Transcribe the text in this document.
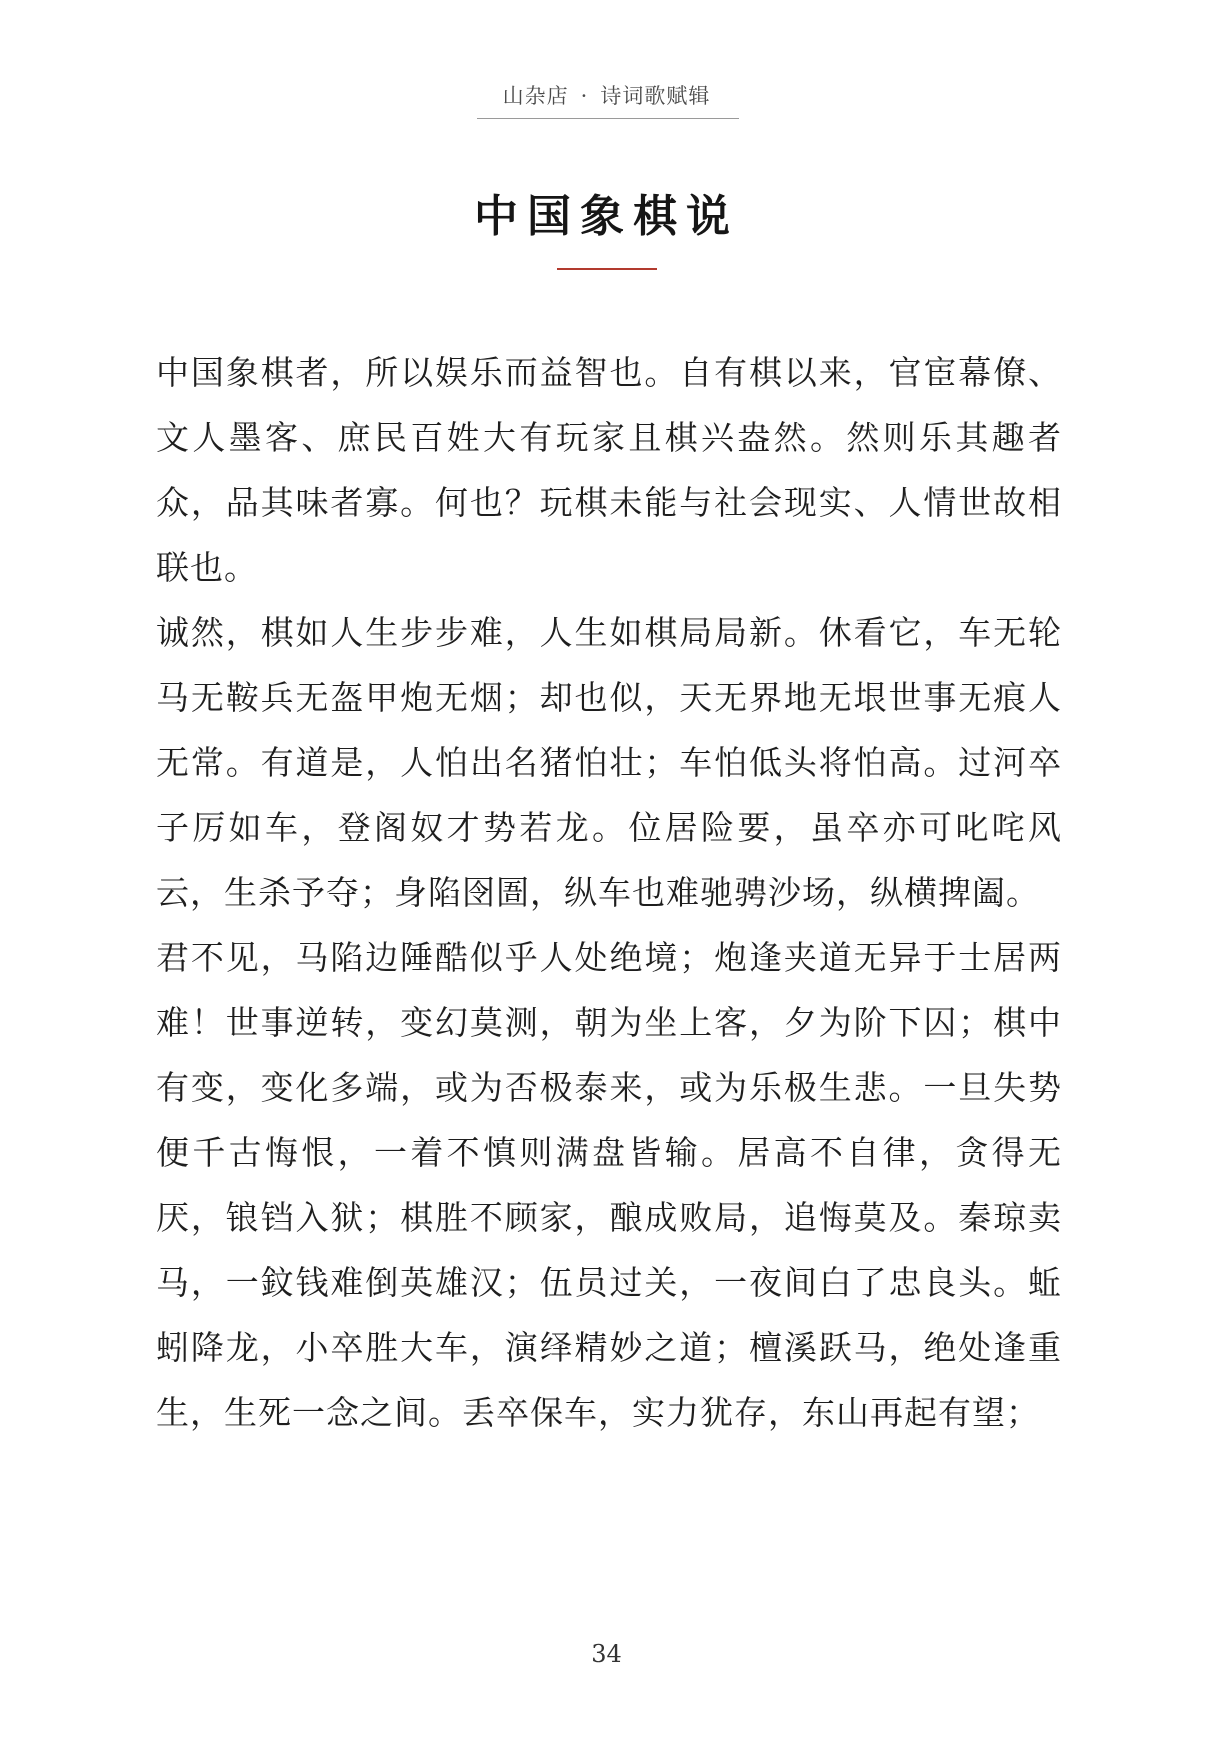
山杂店 · 诗词歌赋辑
中国象棋说

中国象棋者，所以娱乐而益智也。自有棋以来，官宦幕僚、文人墨客、庶民百姓大有玩家且棋兴盎然。然则乐其趣者众，品其味者寡。何也？玩棋未能与社会现实、人情世故相联也。

诚然，棋如人生步步难，人生如棋局局新。休看它，车无轮马无鞍兵无盔甲炮无烟；却也似，天无界地无垠世事无痕人无常。有道是，人怕出名猪怕壮；车怕低头将怕高。过河卒子厉如车，登阁奴才势若龙。位居险要，虽卒亦可叱咤风云，生杀予夺；身陷囹圄，纵车也难驰骋沙场，纵横捭阖。

君不见，马陷边陲酷似乎人处绝境；炮逢夹道无异于士居两难！世事逆转，变幻莫测，朝为坐上客，夕为阶下囚；棋中有变，变化多端，或为否极泰来，或为乐极生悲。一旦失势便千古悔恨，一着不慎则满盘皆输。居高不自律，贪得无厌，锒铛入狱；棋胜不顾家，酿成败局，追悔莫及。秦琼卖马，一鈫钱难倒英雄汉；伍员过关，一夜间白了忠良头。蚯蚓降龙，小卒胜大车，演绎精妙之道；檀溪跃马，绝处逢重生，生死一念之间。丢卒保车，实力犹存，东山再起有望；

34
